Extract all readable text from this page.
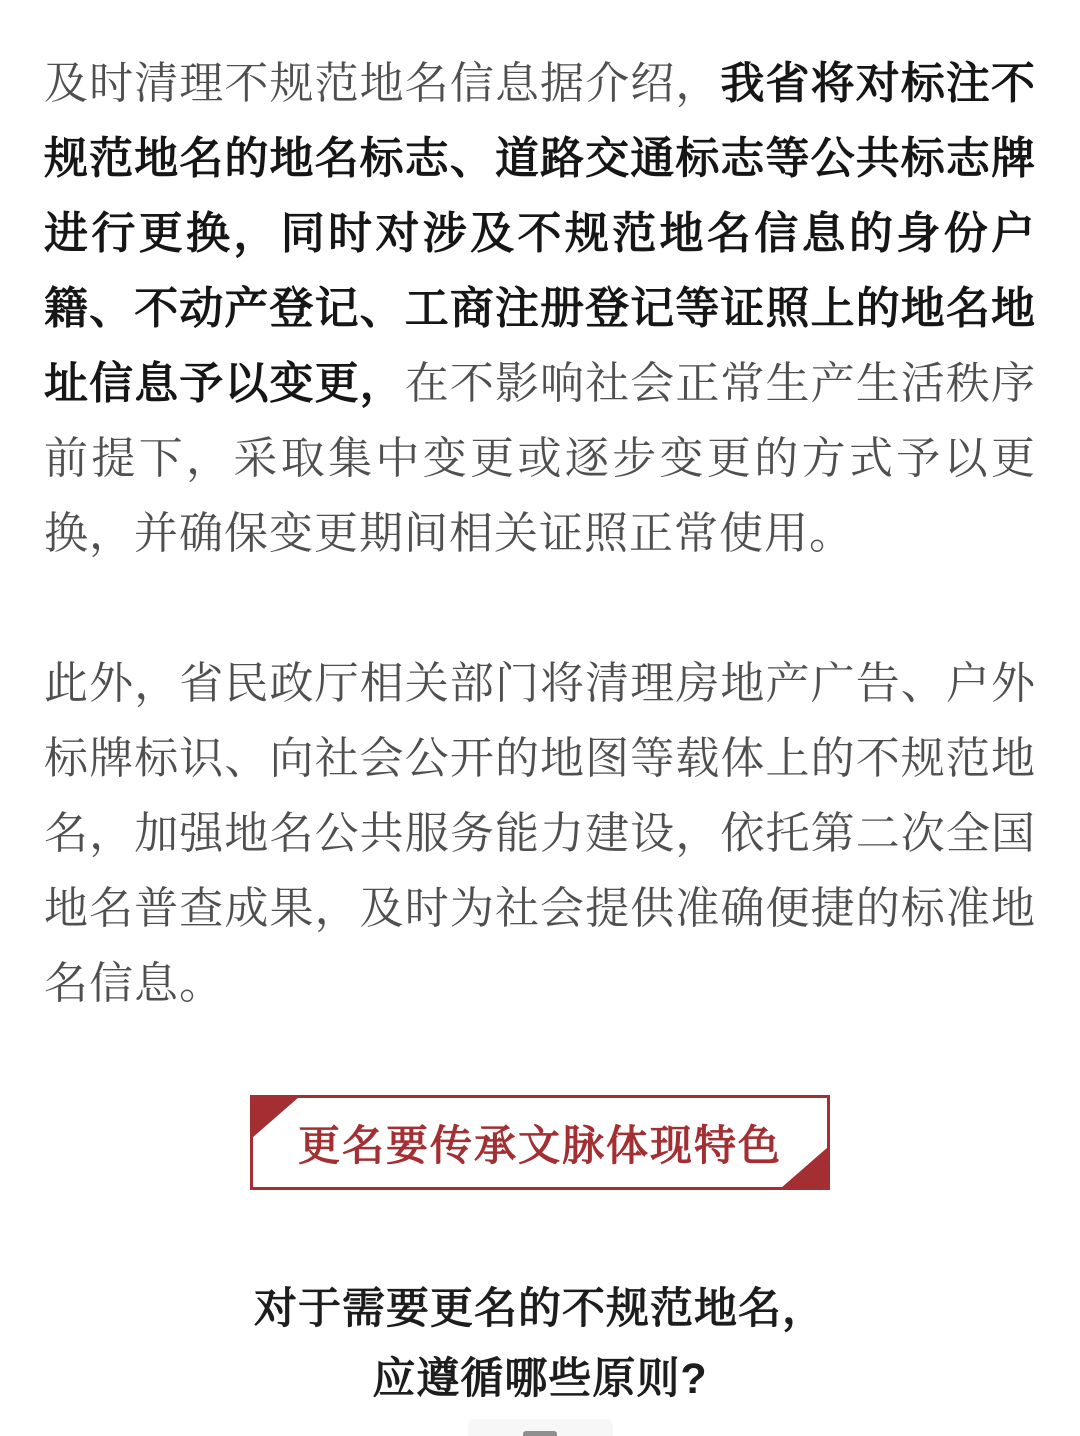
及时清理不规范地名信息据介绍，我省将对标注不规范地名的地名标志、道路交通标志等公共标志牌进行更换，同时对涉及不规范地名信息的身份户籍、不动产登记、工商注册登记等证照上的地名地址信息予以变更，在不影响社会正常生产生活秩序前提下，采取集中变更或逐步变更的方式予以更换，并确保变更期间相关证照正常使用。

此外，省民政厅相关部门将清理房地产广告、户外标牌标识、向社会公开的地图等载体上的不规范地名，加强地名公共服务能力建设，依托第二次全国地名普查成果，及时为社会提供准确便捷的标准地名信息。

更名要传承文脉体现特色
对于需要更名的不规范地名，
应遵循哪些原则?
